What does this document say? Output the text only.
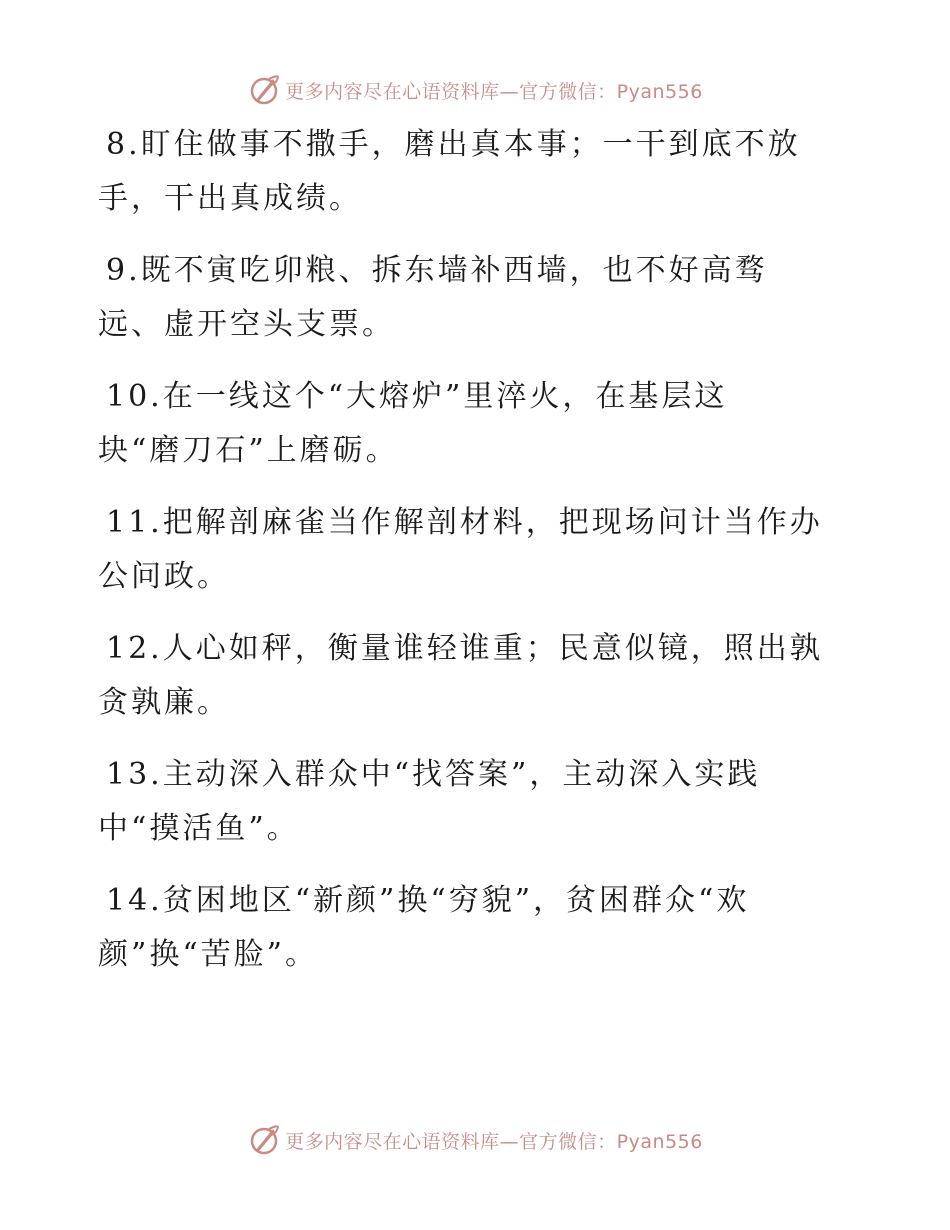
更多内容尽在心语资料库—官方微信：Pyan556

8.盯住做事不撒手，磨出真本事；一干到底不放
手，干出真成绩。

9.既不寅吃卯粮、拆东墙补西墙，也不好高骛
远、虚开空头支票。

10.在一线这个“大熔炉”里淬火，在基层这
块“磨刀石”上磨砺。

11.把解剖麻雀当作解剖材料，把现场问计当作办
公问政。

12.人心如秤，衡量谁轻谁重；民意似镜，照出孰
贪孰廉。

13.主动深入群众中“找答案”，主动深入实践
中“摸活鱼”。

14.贫困地区“新颜”换“穷貌”，贫困群众“欢
颜”换“苦脸”。

更多内容尽在心语资料库—官方微信：Pyan556
